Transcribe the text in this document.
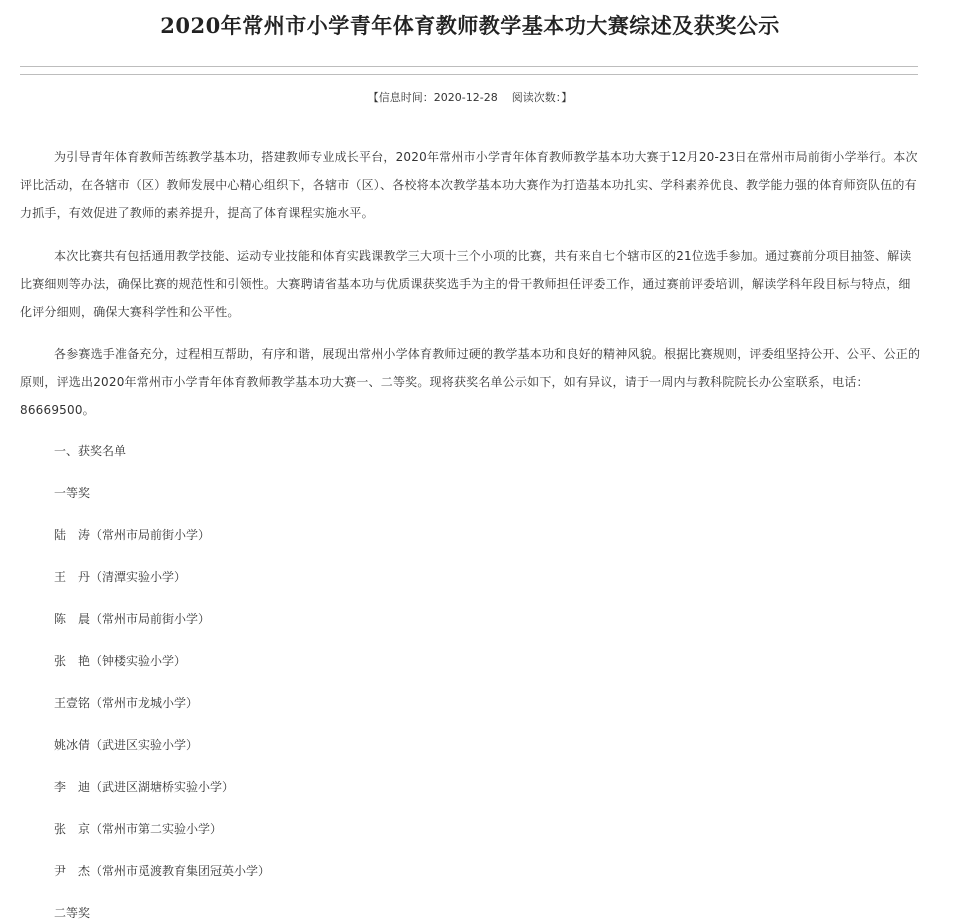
2020年常州市小学青年体育教师教学基本功大赛综述及获奖公示
【信息时间：2020-12-28 阅读次数：】

为引导青年体育教师苦练教学基本功，搭建教师专业成长平台，2020年常州市小学青年体育教师教学基本功大赛于12月20-23日在常州市局前街小学举行。本次评比活动，在各辖市（区）教师发展中心精心组织下，各辖市（区）、各校将本次教学基本功大赛作为打造基本功扎实、学科素养优良、教学能力强的体育师资队伍的有力抓手，有效促进了教师的素养提升，提高了体育课程实施水平。

本次比赛共有包括通用教学技能、运动专业技能和体育实践课教学三大项十三个小项的比赛，共有来自七个辖市区的21位选手参加。通过赛前分项目抽签、解读比赛细则等办法，确保比赛的规范性和引领性。大赛聘请省基本功与优质课获奖选手为主的骨干教师担任评委工作，通过赛前评委培训，解读学科年段目标与特点，细化评分细则，确保大赛科学性和公平性。

各参赛选手准备充分，过程相互帮助，有序和谐，展现出常州小学体育教师过硬的教学基本功和良好的精神风貌。根据比赛规则，评委组坚持公开、公平、公正的原则，评选出2020年常州市小学青年体育教师教学基本功大赛一、二等奖。现将获奖名单公示如下，如有异议，请于一周内与教科院院长办公室联系，电话：86669500。

一、获奖名单
一等奖
陆　涛（常州市局前街小学）
王　丹（清潭实验小学）
陈　晨（常州市局前街小学）
张　艳（钟楼实验小学）
王壹铭（常州市龙城小学）
姚冰倩（武进区实验小学）
李　迪（武进区湖塘桥实验小学）
张　京（常州市第二实验小学）
尹　杰（常州市觅渡教育集团冠英小学）
二等奖
